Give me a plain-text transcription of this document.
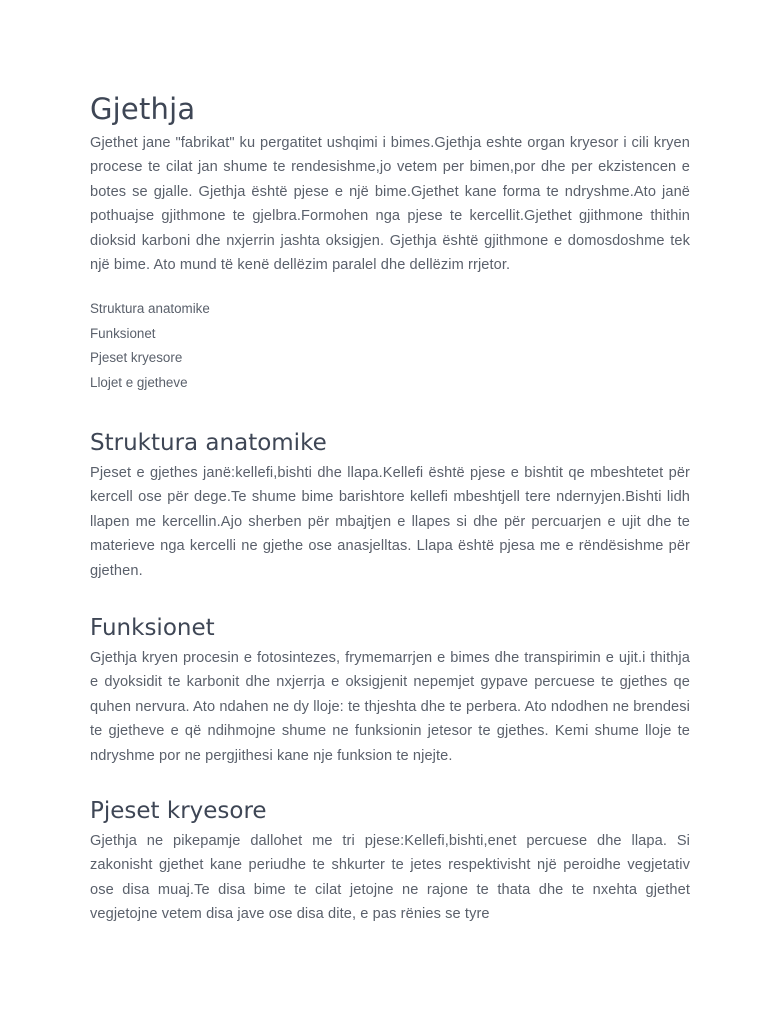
Gjethja

Gjethet jane "fabrikat" ku pergatitet ushqimi i bimes.Gjethja eshte organ kryesor i cili kryen procese te cilat jan shume te rendesishme,jo vetem per bimen,por dhe per ekzistencen e botes se gjalle. Gjethja është pjese e një bime.Gjethet kane forma te ndryshme.Ato janë pothuajse gjithmone te gjelbra.Formohen nga pjese te kercellit.Gjethet gjithmone thithin dioksid karboni dhe nxjerrin jashta oksigjen. Gjethja është gjithmone e domosdoshme tek një bime. Ato mund të kenë dellëzim paralel dhe dellëzim rrjetor.

Struktura anatomike
Funksionet
Pjeset kryesore
Llojet e gjetheve
Struktura anatomike

Pjeset e gjethes janë:kellefi,bishti dhe llapa.Kellefi është pjese e bishtit qe mbeshtetet për kercell ose për dege.Te shume bime barishtore kellefi mbeshtjell tere ndernyjen.Bishti lidh llapen me kercellin.Ajo sherben për mbajtjen e llapes si dhe për percuarjen e ujit dhe te materieve nga kercelli ne gjethe ose anasjelltas. Llapa është pjesa me e rëndësishme për gjethen.

Funksionet

Gjethja kryen procesin e fotosintezes, frymemarrjen e bimes dhe transpirimin e ujit.i thithja e dyoksidit te karbonit dhe nxjerrja e oksigjenit nepemjet gypave percuese te gjethes qe quhen nervura. Ato ndahen ne dy lloje: te thjeshta dhe te perbera. Ato ndodhen ne brendesi te gjetheve e që ndihmojne shume ne funksionin jetesor te gjethes. Kemi shume lloje te ndryshme por ne pergjithesi kane nje funksion te njejte.

Pjeset kryesore

Gjethja ne pikepamje dallohet me tri pjese:Kellefi,bishti,enet percuese dhe llapa. Si zakonisht gjethet kane periudhe te shkurter te jetes respektivisht një peroidhe vegjetativ ose disa muaj.Te disa bime te cilat jetojne ne rajone te thata dhe te nxehta gjethet vegjetojne vetem disa jave ose disa dite, e pas rënies se tyre
